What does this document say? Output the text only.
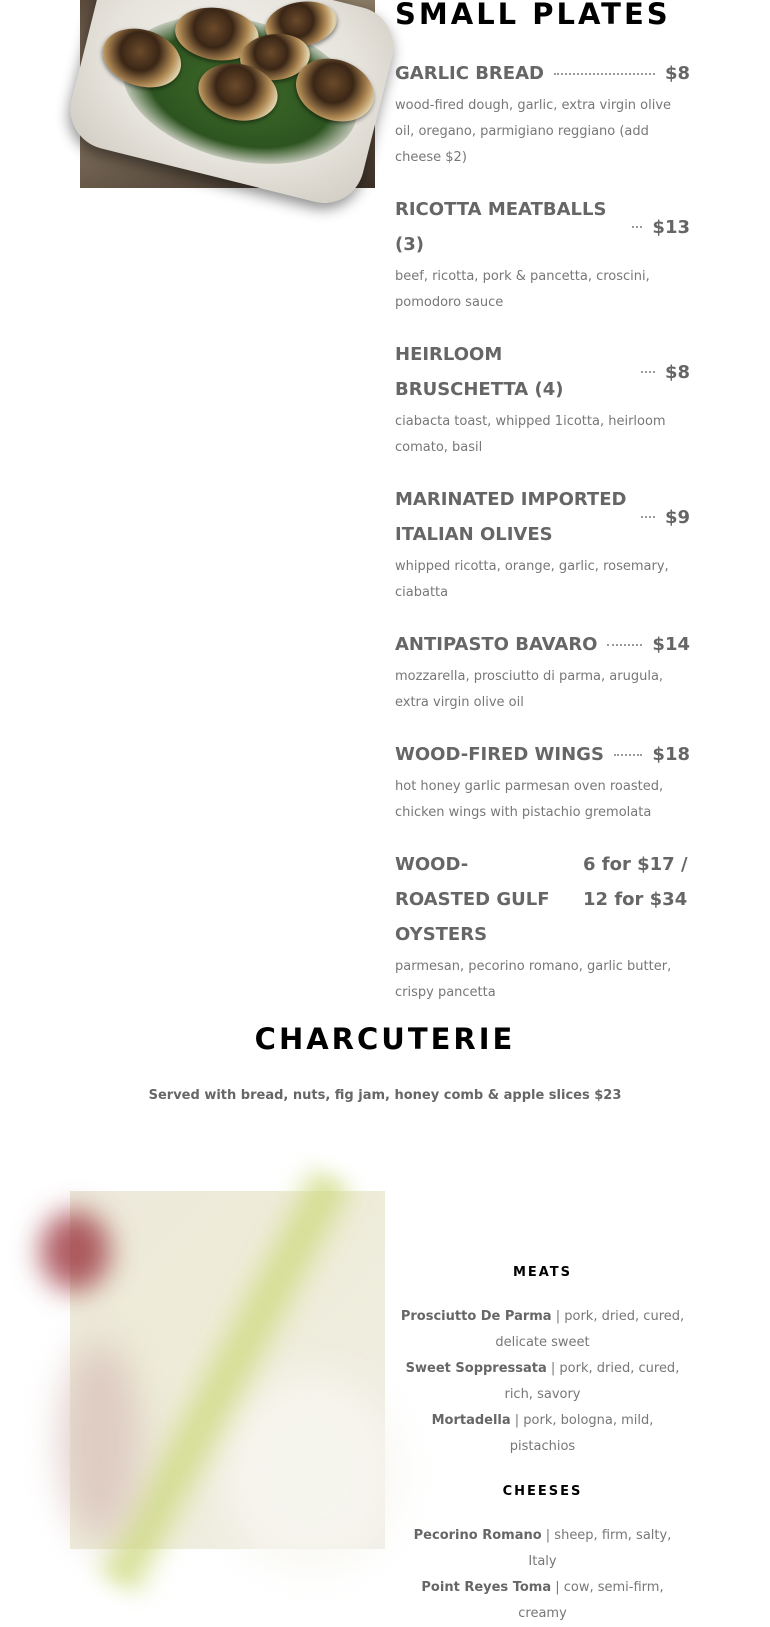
SMALL PLATES
GARLIC BREAD	$8

wood-fired dough, garlic, extra virgin olive oil, oregano, parmigiano reggiano (add cheese $2)

RICOTTA MEATBALLS (3)
$13

beef, ricotta, pork & pancetta, croscini, pomodoro sauce

HEIRLOOM BRUSCHETTA (4)
$8

ciabacta toast, whipped 1icotta, heirloom comato, basil

MARINATED IMPORTED ITALIAN OLIVES
$9

whipped ricotta, orange, garlic, rosemary, ciabatta

ANTIPASTO BAVARO	$14

mozzarella, prosciutto di parma, arugula, extra virgin olive oil

WOOD-FIRED WINGS	$18

hot honey garlic parmesan oven roasted, chicken wings with pistachio gremolata

WOOD-ROASTED GULF OYSTERS
6 for $17 / 12 for $34

parmesan, pecorino romano, garlic butter, crispy pancetta

CHARCUTERIE

Served with bread, nuts, fig jam, honey comb & apple slices $23

MEATS

Prosciutto De Parma | pork, dried, cured, delicate sweet

Sweet Soppressata | pork, dried, cured, rich, savory

Mortadella | pork, bologna, mild, pistachios

CHEESES

Pecorino Romano | sheep, firm, salty, Italy

Point Reyes Toma | cow, semi-firm, creamy
